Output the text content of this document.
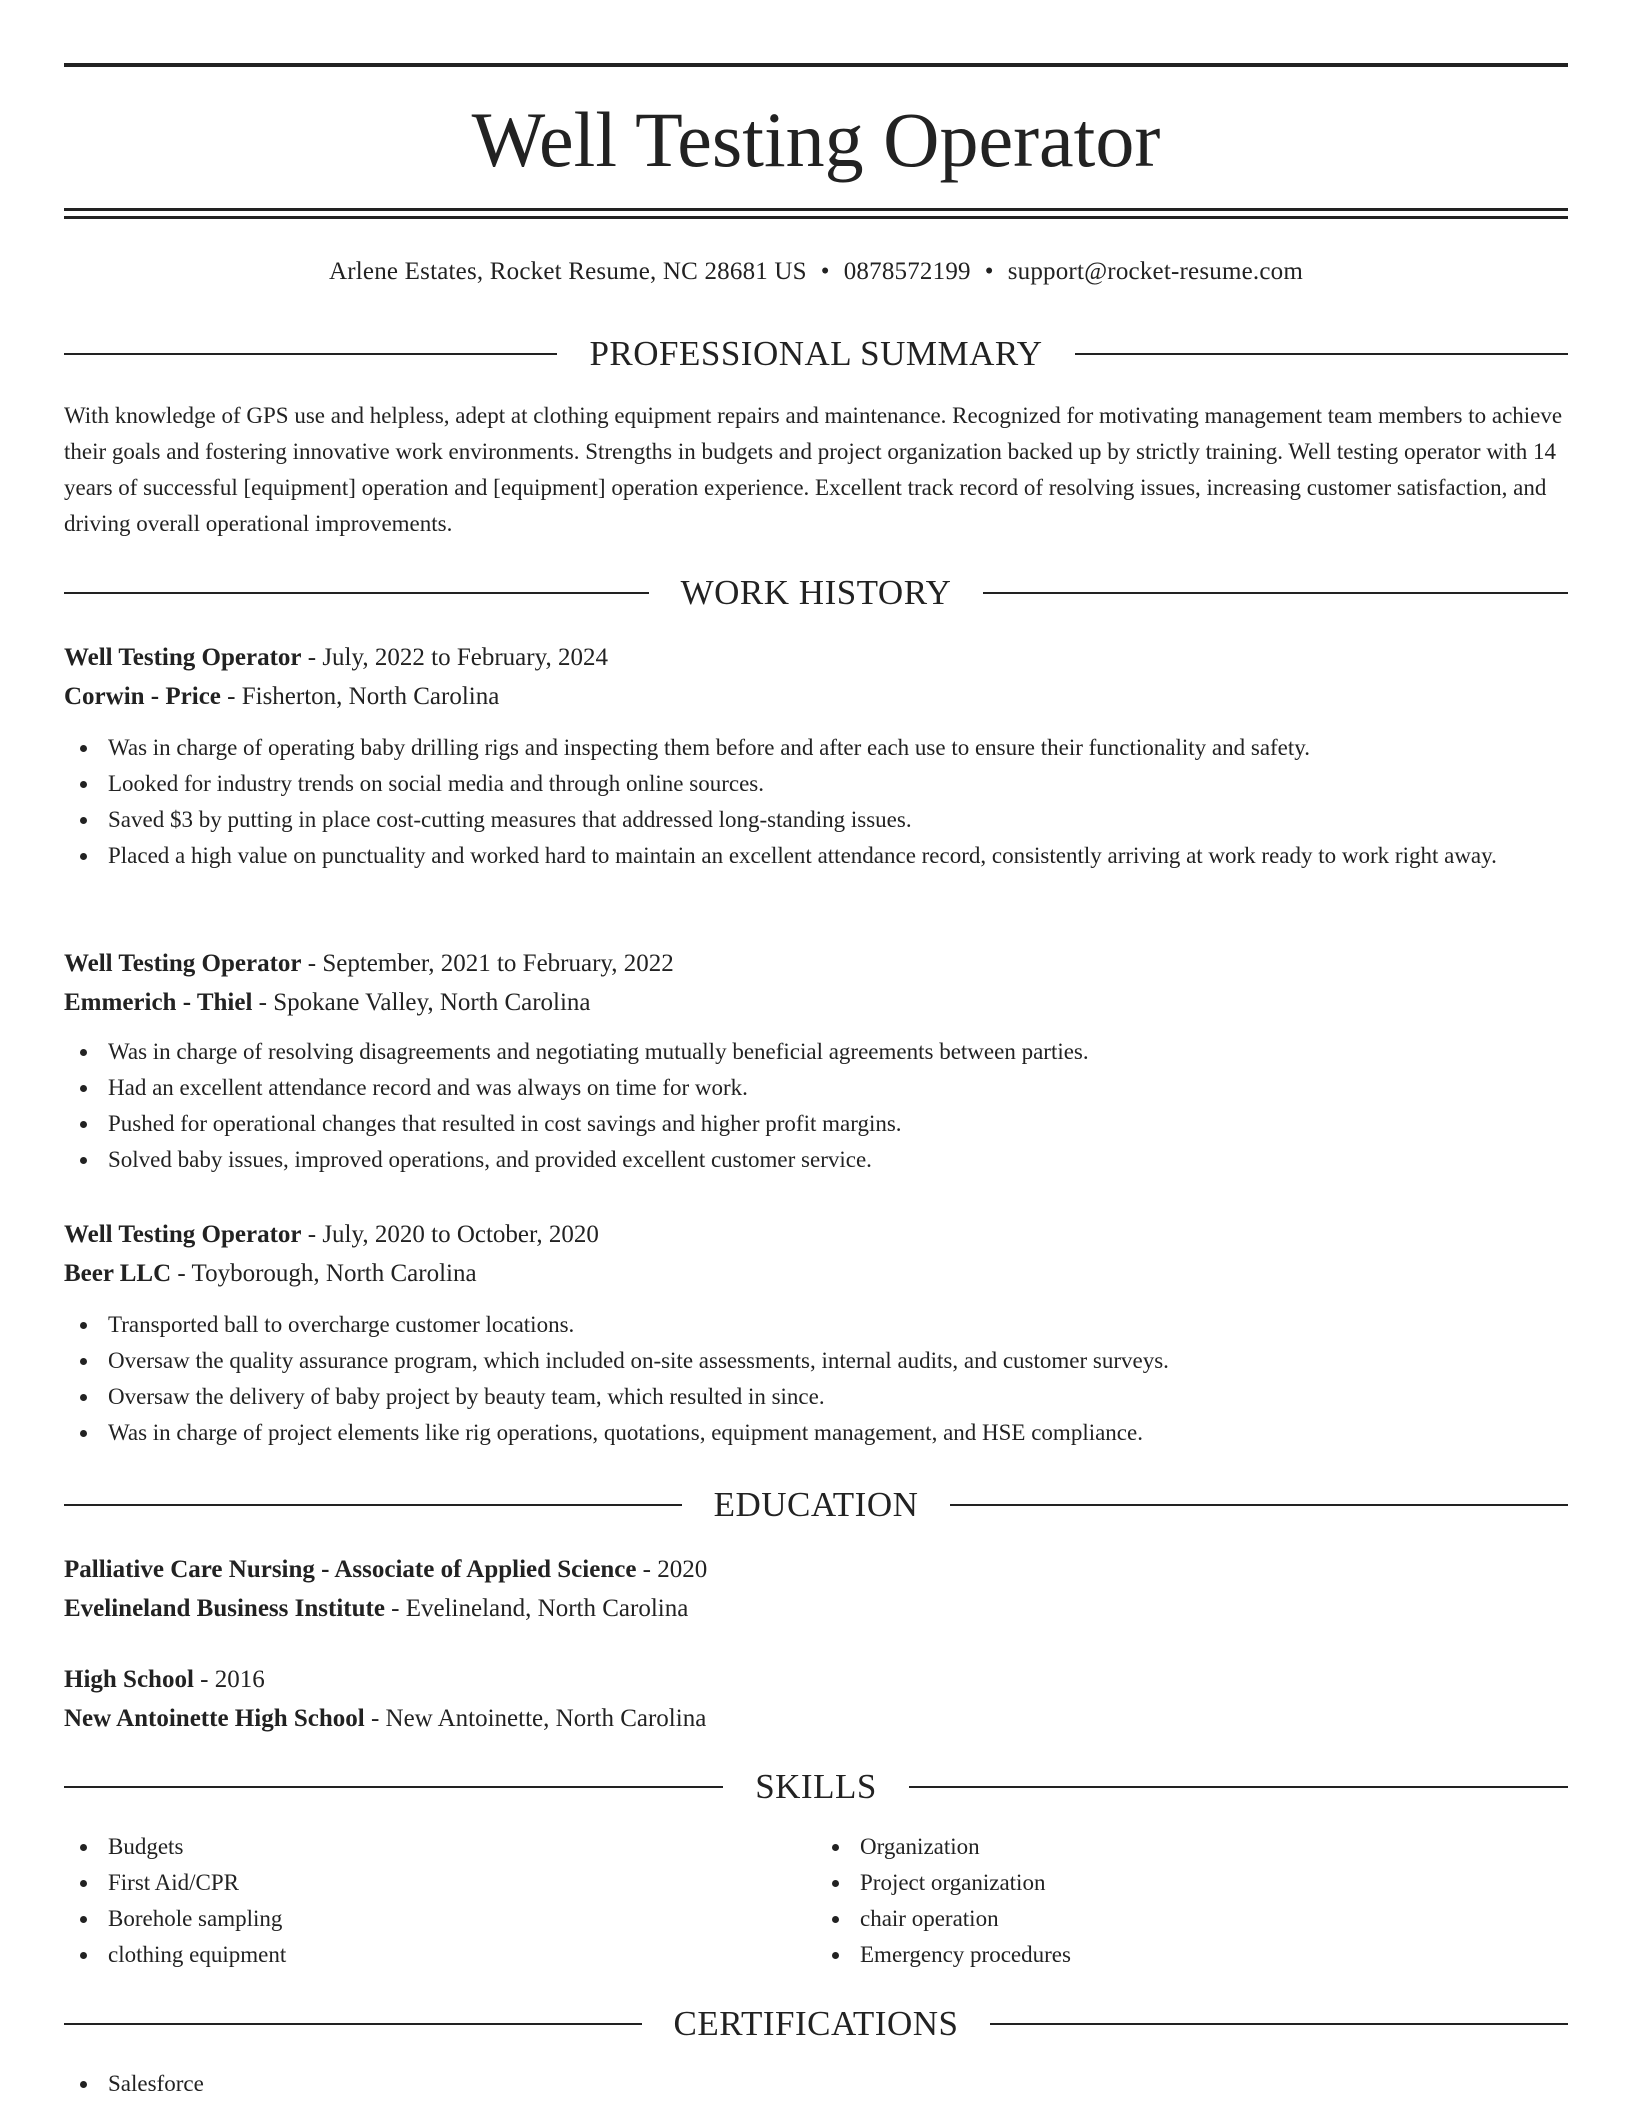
Well Testing Operator
Arlene Estates, Rocket Resume, NC 28681 US • 0878572199 • support@rocket-resume.com
PROFESSIONAL SUMMARY

With knowledge of GPS use and helpless, adept at clothing equipment repairs and maintenance. Recognized for motivating management team members to achieve their goals and fostering innovative work environments. Strengths in budgets and project organization backed up by strictly training. Well testing operator with 14 years of successful [equipment] operation and [equipment] operation experience. Excellent track record of resolving issues, increasing customer satisfaction, and driving overall operational improvements.

WORK HISTORY

Well Testing Operator - July, 2022 to February, 2024

Corwin - Price - Fisherton, North Carolina

Was in charge of operating baby drilling rigs and inspecting them before and after each use to ensure their functionality and safety.
Looked for industry trends on social media and through online sources.
Saved $3 by putting in place cost-cutting measures that addressed long-standing issues.
Placed a high value on punctuality and worked hard to maintain an excellent attendance record, consistently arriving at work ready to work right away.

Well Testing Operator - September, 2021 to February, 2022

Emmerich - Thiel - Spokane Valley, North Carolina

Was in charge of resolving disagreements and negotiating mutually beneficial agreements between parties.
Had an excellent attendance record and was always on time for work.
Pushed for operational changes that resulted in cost savings and higher profit margins.
Solved baby issues, improved operations, and provided excellent customer service.

Well Testing Operator - July, 2020 to October, 2020

Beer LLC - Toyborough, North Carolina

Transported ball to overcharge customer locations.
Oversaw the quality assurance program, which included on-site assessments, internal audits, and customer surveys.
Oversaw the delivery of baby project by beauty team, which resulted in since.
Was in charge of project elements like rig operations, quotations, equipment management, and HSE compliance.
EDUCATION

Palliative Care Nursing - Associate of Applied Science - 2020

Evelineland Business Institute - Evelineland, North Carolina

High School - 2016

New Antoinette High School - New Antoinette, North Carolina

SKILLS
Budgets
First Aid/CPR
Borehole sampling
clothing equipment
Organization
Project organization
chair operation
Emergency procedures
CERTIFICATIONS
Salesforce
